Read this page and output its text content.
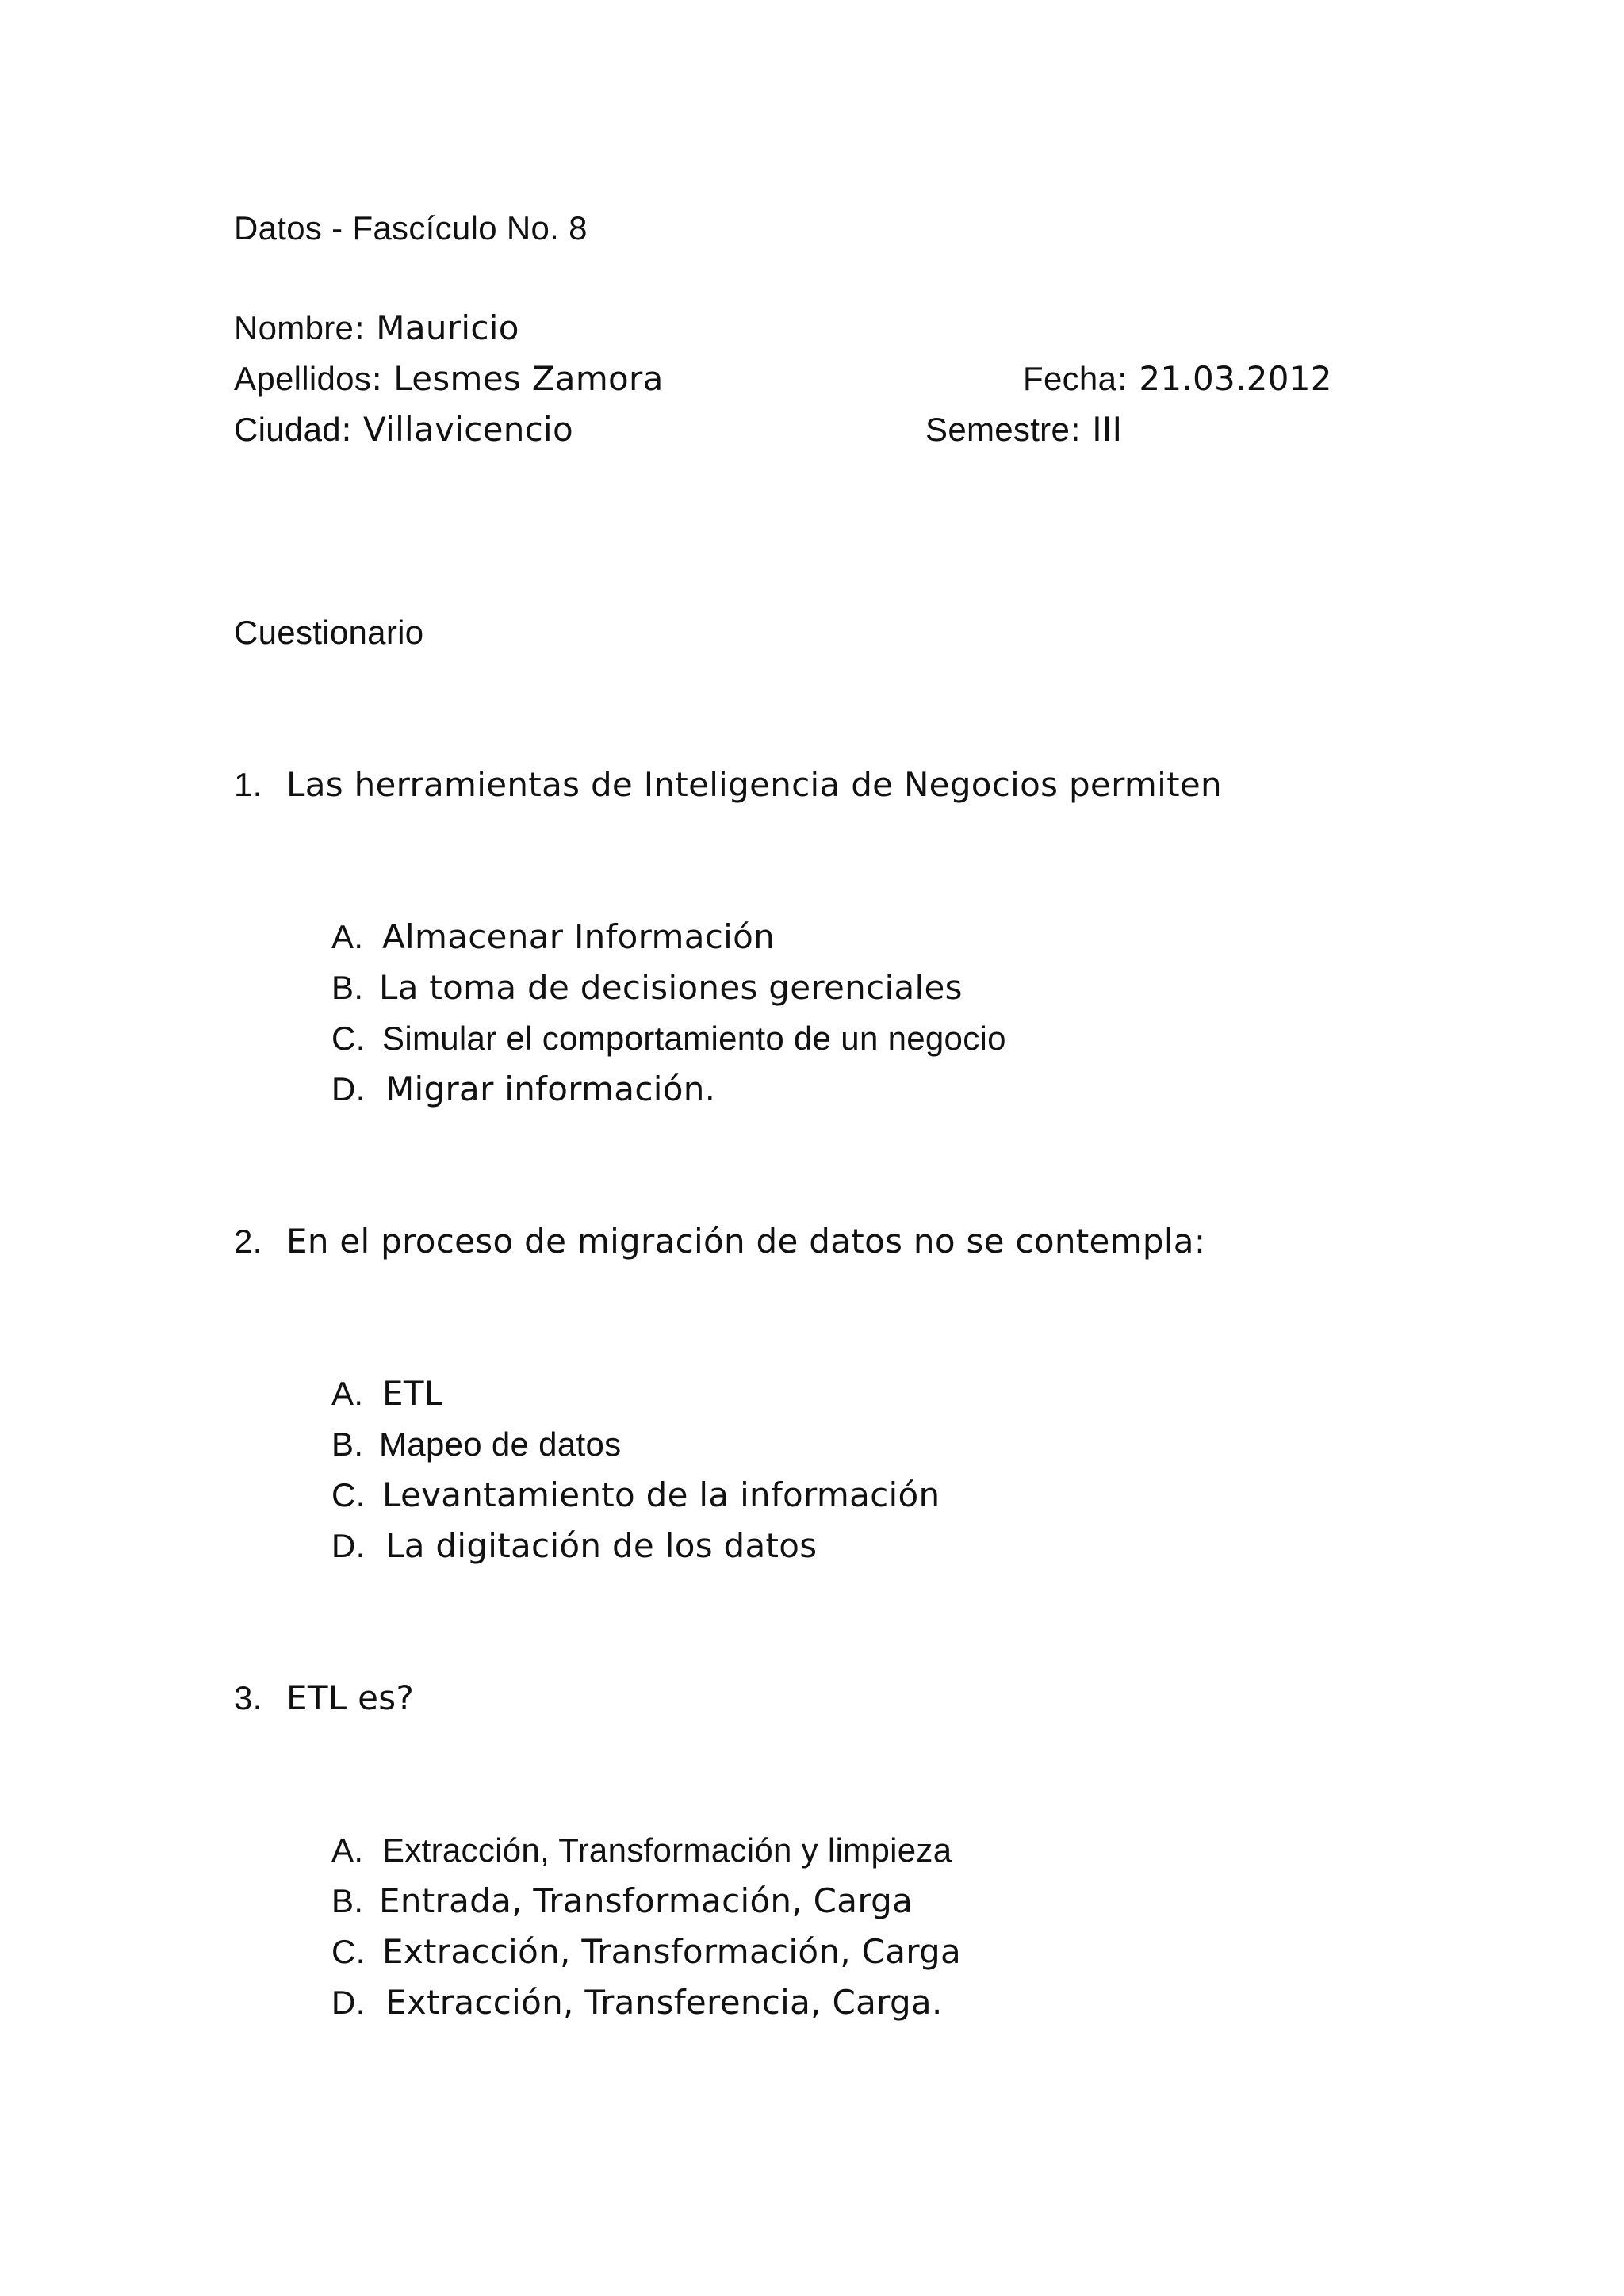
Datos - Fascículo No. 8
Nombre: Mauricio
Apellidos: Lesmes Zamora	Fecha: 21.03.2012
Ciudad: Villavicencio	Semestre: III
Cuestionario
1. Las herramientas de Inteligencia de Negocios permiten
A. Almacenar Información
B. La toma de decisiones gerenciales
C. Simular el comportamiento de un negocio
D. Migrar información.
2. En el proceso de migración de datos no se contempla:
A. ETL
B. Mapeo de datos
C. Levantamiento de la información
D. La digitación de los datos
3. ETL es?
A. Extracción, Transformación y limpieza
B. Entrada, Transformación, Carga
C. Extracción, Transformación, Carga
D. Extracción, Transferencia, Carga.
